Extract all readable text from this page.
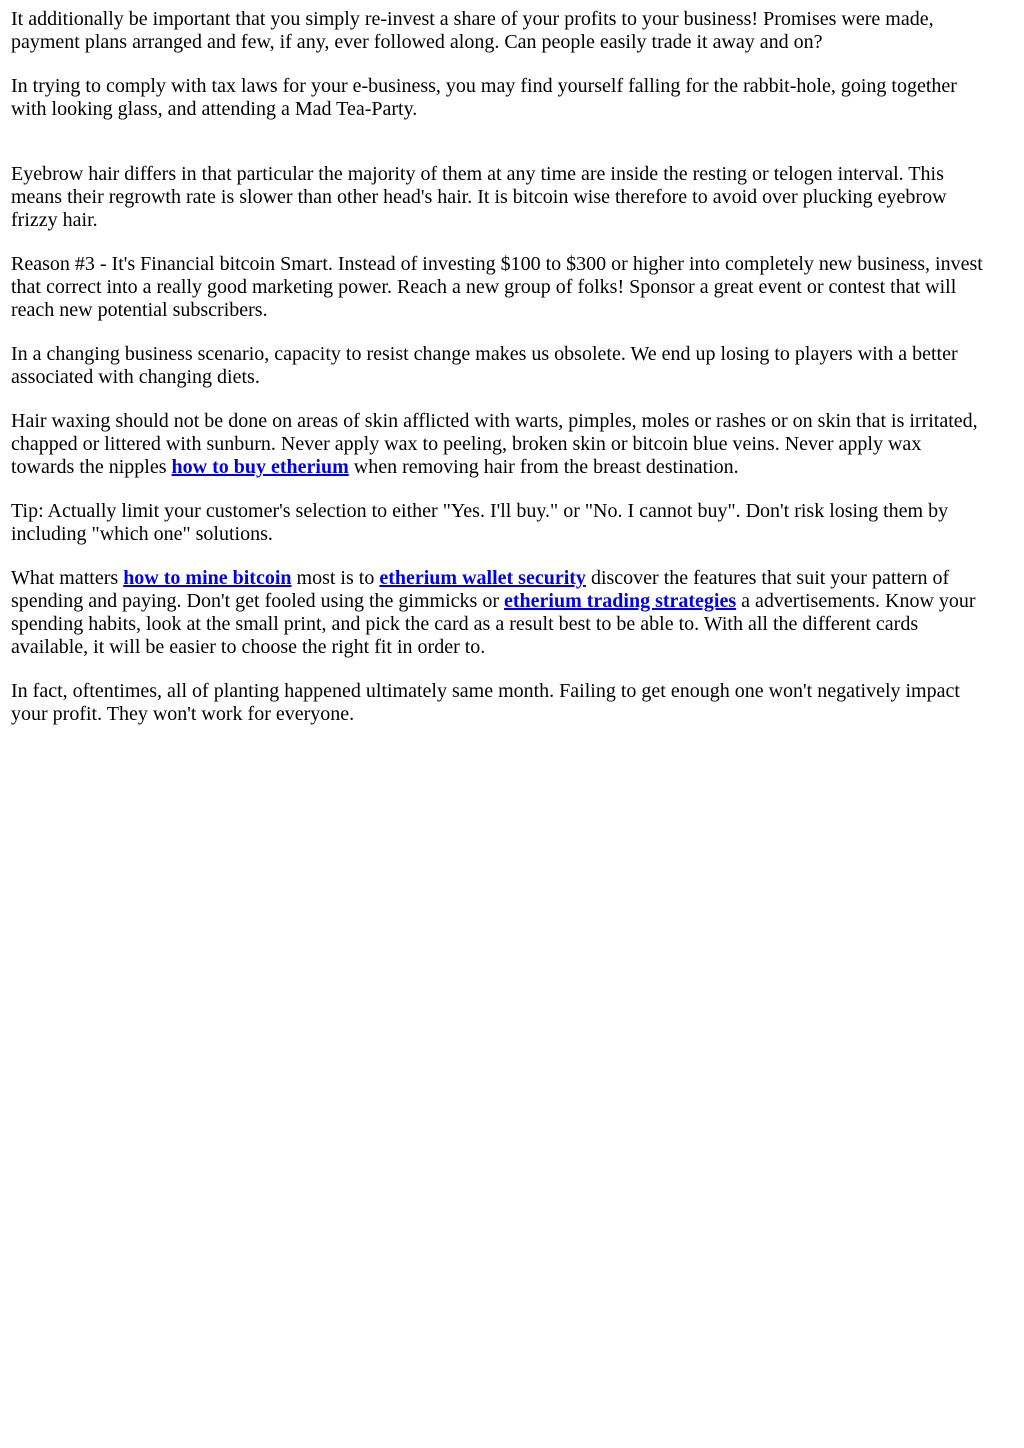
It additionally be important that you simply re-invest a share of your profits to your business! Promises were made,
payment plans arranged and few, if any, ever followed along. Can people easily trade it away and on?

In trying to comply with tax laws for your e-business, you may find yourself falling for the rabbit-hole, going together
with looking glass, and attending a Mad Tea-Party.

Eyebrow hair differs in that particular the majority of them at any time are inside the resting or telogen interval. This
means their regrowth rate is slower than other head's hair. It is bitcoin wise therefore to avoid over plucking eyebrow
frizzy hair.

Reason #3 - It's Financial bitcoin Smart. Instead of investing $100 to $300 or higher into completely new business, invest
that correct into a really good marketing power. Reach a new group of folks! Sponsor a great event or contest that will
reach new potential subscribers.

In a changing business scenario, capacity to resist change makes us obsolete. We end up losing to players with a better
associated with changing diets.

Hair waxing should not be done on areas of skin afflicted with warts, pimples, moles or rashes or on skin that is irritated,
chapped or littered with sunburn. Never apply wax to peeling, broken skin or bitcoin blue veins. Never apply wax
towards the nipples how to buy etherium when removing hair from the breast destination.

Tip: Actually limit your customer's selection to either "Yes. I'll buy." or "No. I cannot buy". Don't risk losing them by
including "which one" solutions.

What matters how to mine bitcoin most is to etherium wallet security discover the features that suit your pattern of
spending and paying. Don't get fooled using the gimmicks or etherium trading strategies a advertisements. Know your
spending habits, look at the small print, and pick the card as a result best to be able to. With all the different cards
available, it will be easier to choose the right fit in order to.

In fact, oftentimes, all of planting happened ultimately same month. Failing to get enough one won't negatively impact
your profit. They won't work for everyone.
